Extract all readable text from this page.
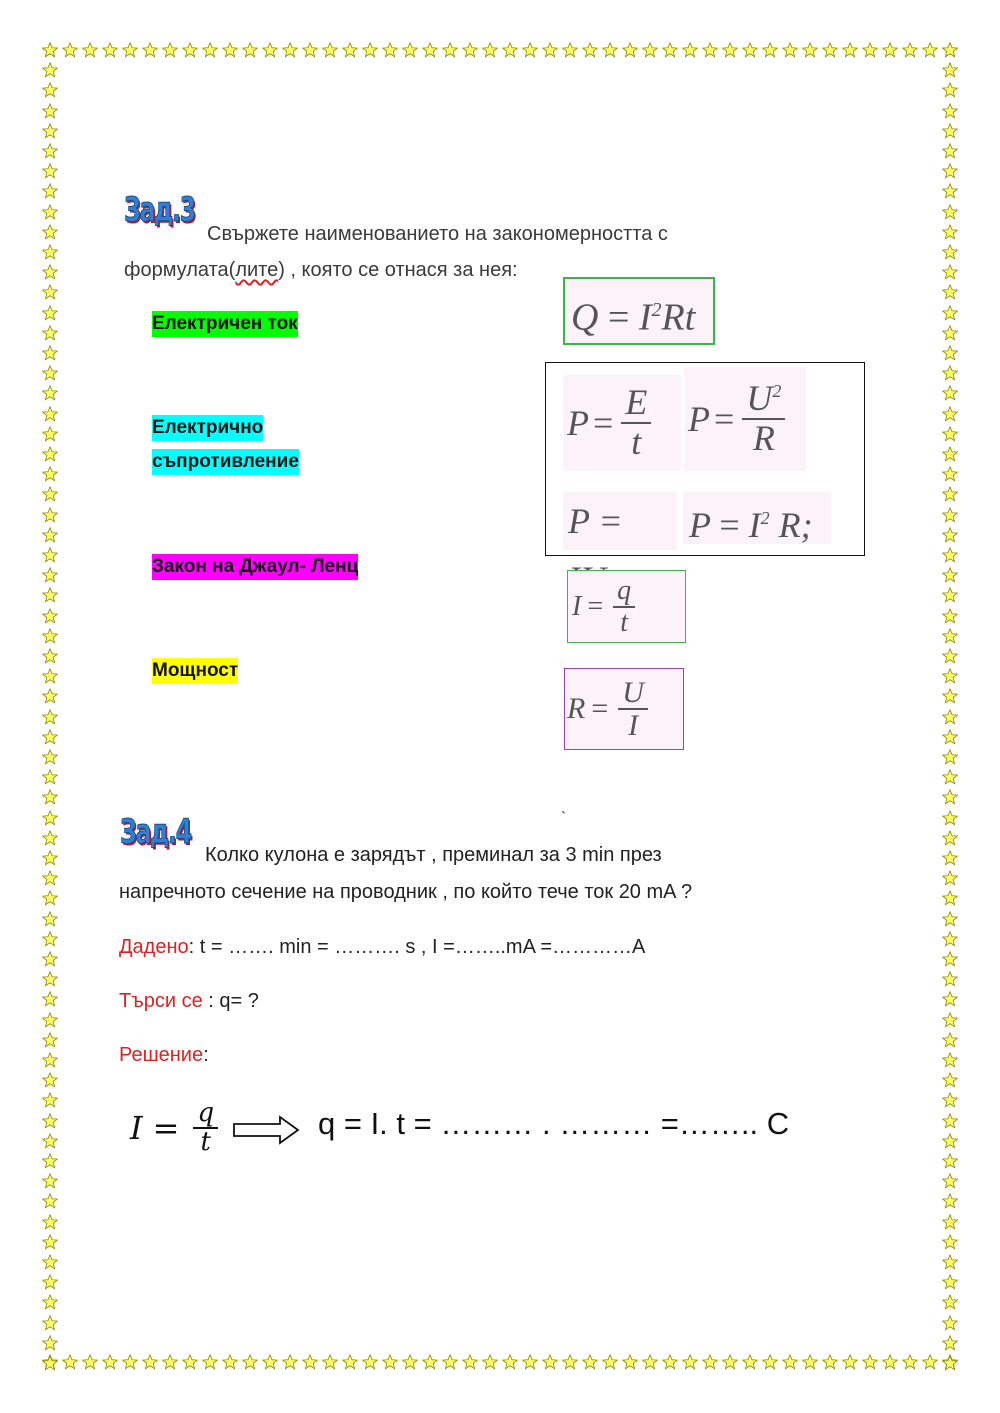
Зад.3
Свържете наименованието на закономерността с
формулата(лите) , която се отнася за нея:
Електричен ток
Електрично
съпротивление
Закон на Джаул- Ленц
Мощност
$Q = I^2Rt$
$P = \frac{E}{t}$ $P = \frac{U^2}{R}$
P =	$P = I^2$ R;
$I = \frac{q}{t}$
$R = \frac{U}{I}$
`
Зад.4
Колко кулона е зарядът , преминал за 3 min през
напречното сечение на проводник , по който тече ток 20 mA ?
Дадено: t = ……. min = ………. s , I =……..mA =…………A
Търси се : q= ?
Решение:
$I = \frac{q}{t}$	q = I. t = ……… . ……… =…….. C
